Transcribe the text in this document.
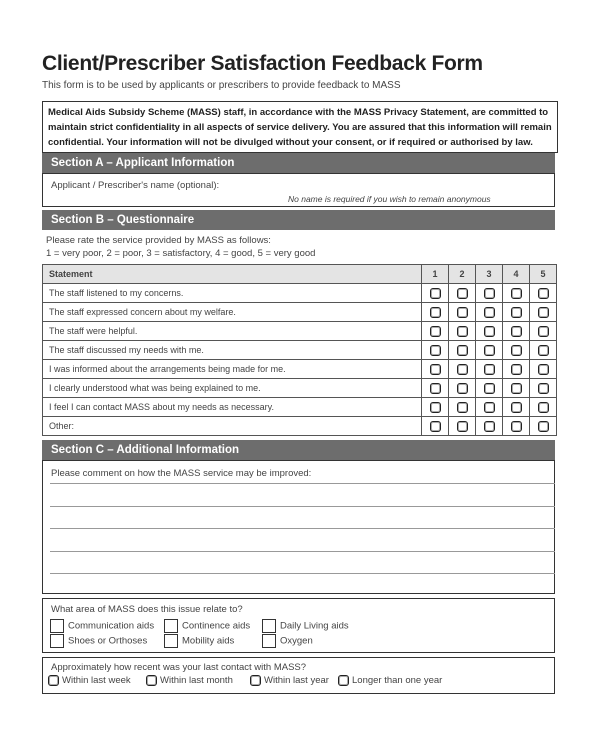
Client/Prescriber Satisfaction Feedback Form
This form is to be used by applicants or prescribers to provide feedback to MASS
Medical Aids Subsidy Scheme (MASS) staff, in accordance with the MASS Privacy Statement, are committed to maintain strict confidentiality in all aspects of service delivery. You are assured that this information will remain confidential. Your information will not be divulged without your consent, or if required or authorised by law.
Section A – Applicant Information
Applicant / Prescriber's name (optional):
No name is required if you wish to remain anonymous
Section B – Questionnaire
Please rate the service provided by MASS as follows:
1 = very poor, 2 = poor, 3 = satisfactory, 4 = good, 5 = very good
Statement	1	2	3	4	5
The staff listened to my concerns.					
The staff expressed concern about my welfare.					
The staff were helpful.					
The staff discussed my needs with me.					
I was informed about the arrangements being made for me.					
I clearly understood what was being explained to me.					
I feel I can contact MASS about my needs as necessary.					
Other:					
Section C – Additional Information
Please comment on how the MASS service may be improved:
What area of MASS does this issue relate to?
Communication aids	Continence aids	Daily Living aids
Shoes or Orthoses	Mobility aids	Oxygen
Approximately how recent was your last contact with MASS?
Within last week	Within last month	Within last year	Longer than one year
